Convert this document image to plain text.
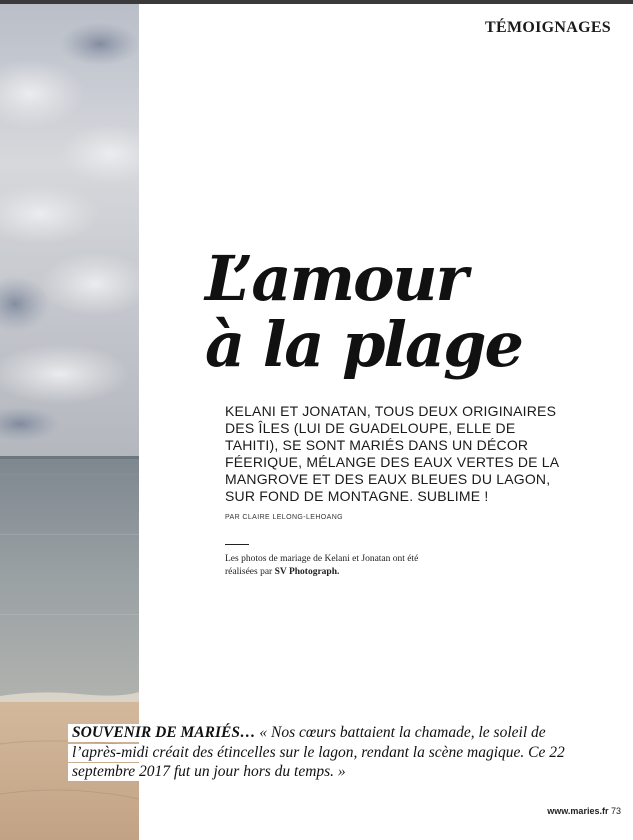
TÉMOIGNAGES
L’amour
à la plage

KELANI ET JONATAN, TOUS DEUX ORIGINAIRES DES ÎLES (LUI DE GUADELOUPE, ELLE DE TAHITI), SE SONT MARIÉS DANS UN DÉCOR FÉERIQUE, MÉLANGE DES EAUX VERTES DE LA MANGROVE ET DES EAUX BLEUES DU LAGON, SUR FOND DE MONTAGNE. SUBLIME !

PAR CLAIRE LELONG-LEHOANG

Les photos de mariage de Kelani et Jonatan ont été réalisées par SV Photograph.

SOUVENIR DE MARIÉS… « Nos cœurs battaient la chamade, le soleil de l’après-midi créait des étincelles sur le lagon, rendant la scène magique. Ce 22 septembre 2017 fut un jour hors du temps. »

www.maries.fr 73
